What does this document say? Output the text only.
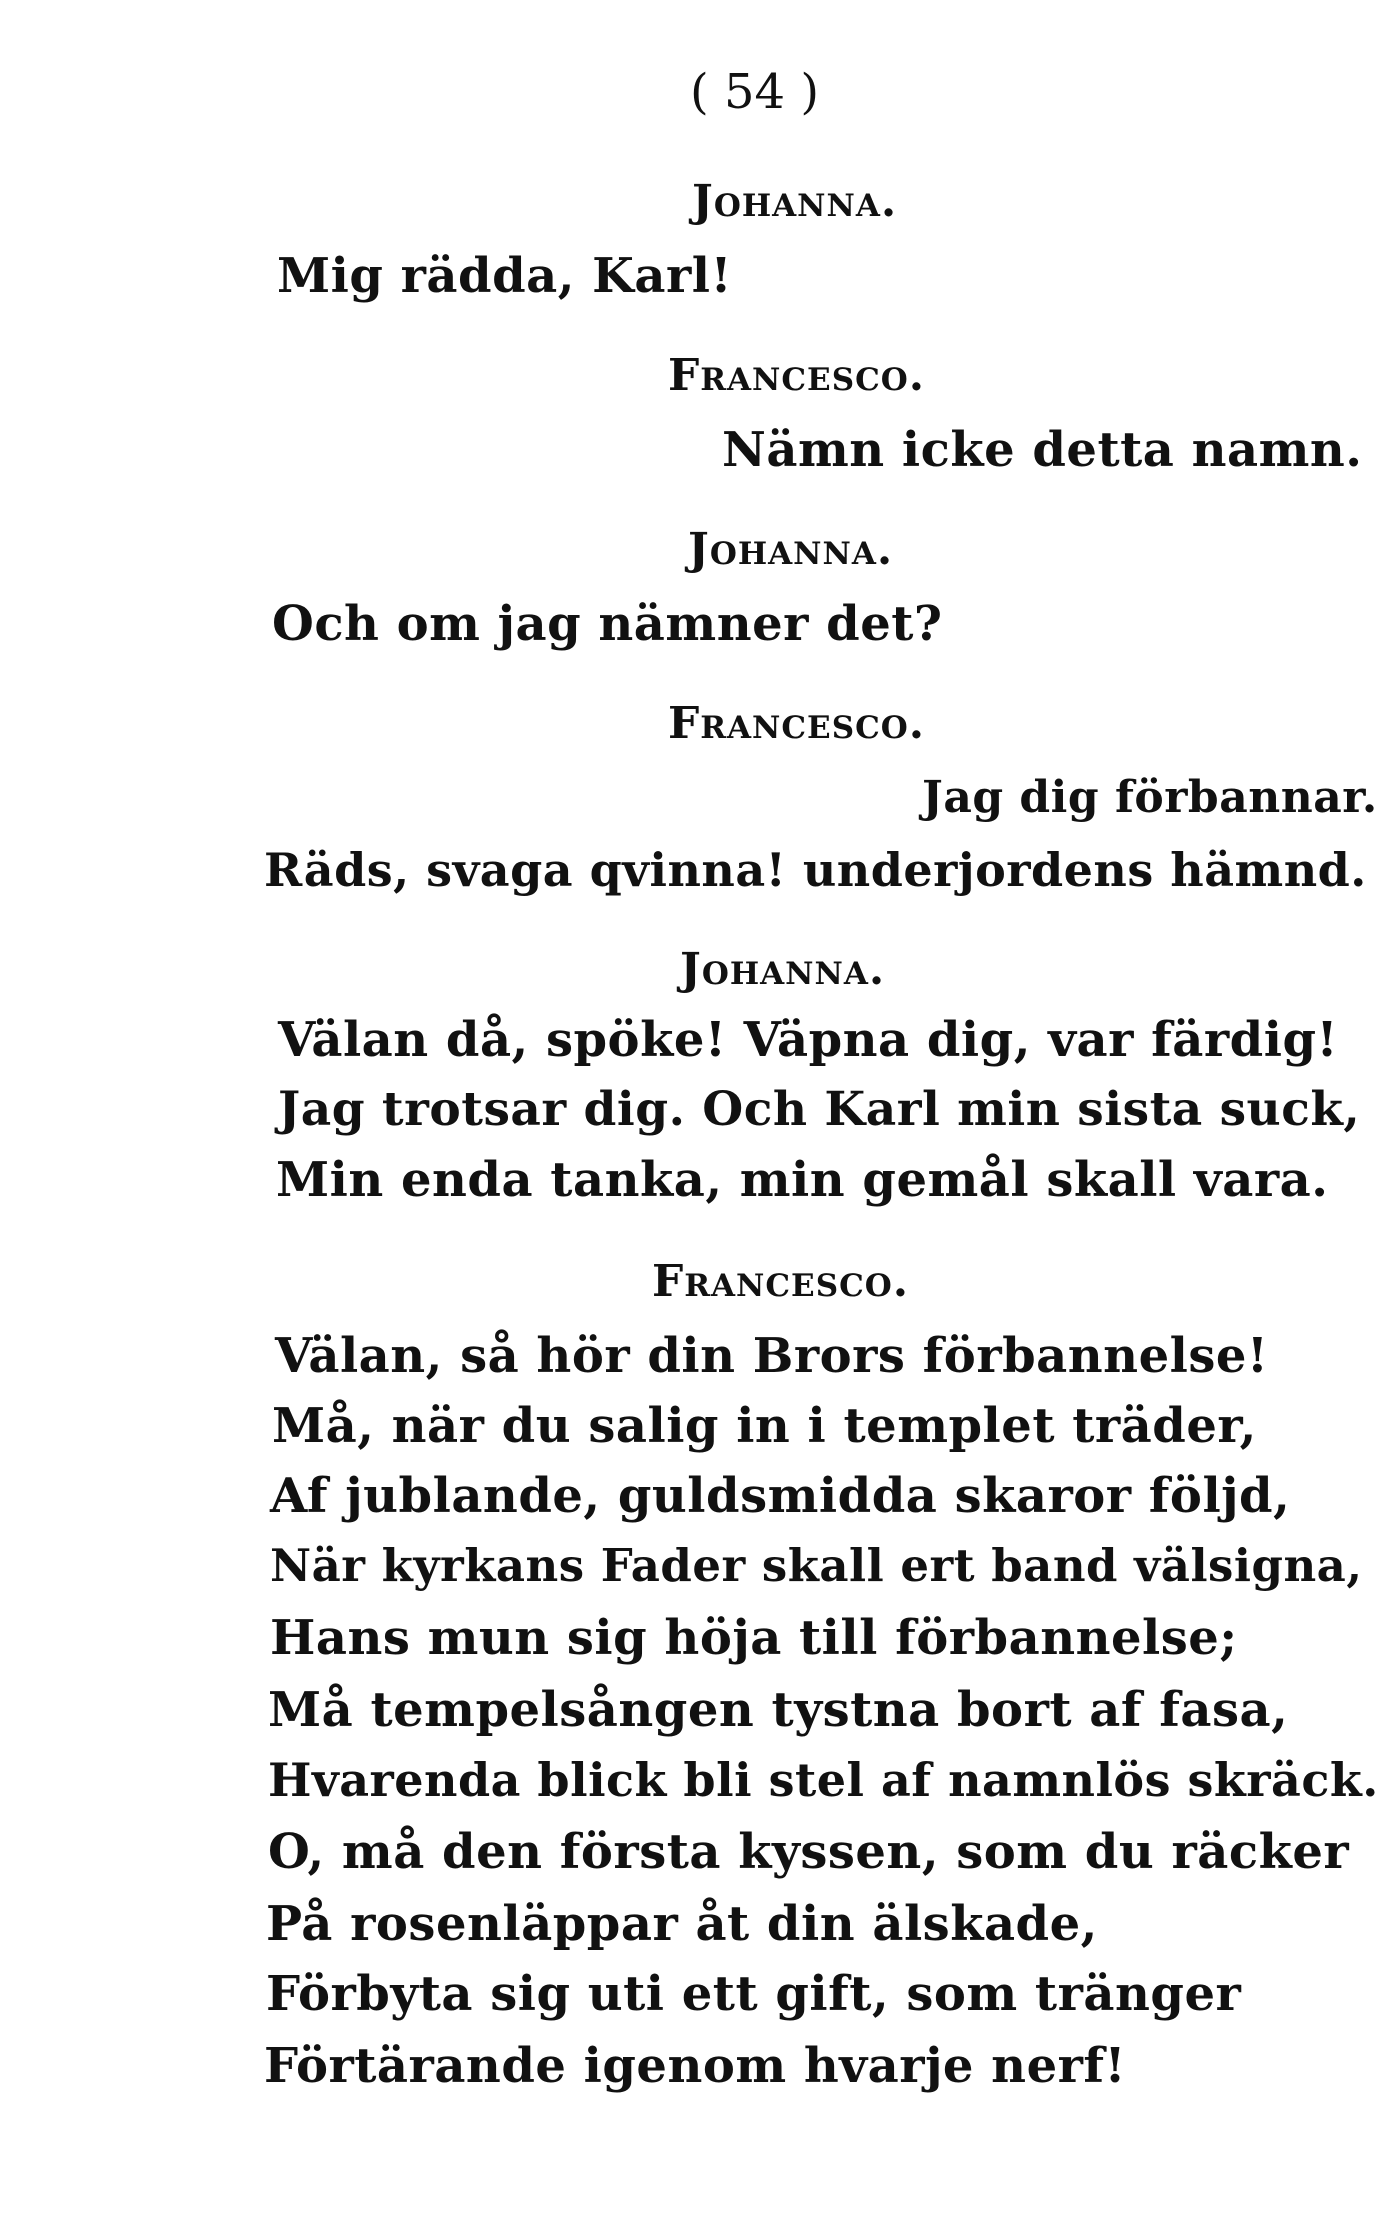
( 54 )
Johanna.
Mig rädda, Karl!
Francesco.
Nämn icke detta namn.
Johanna.
Och om jag nämner det?
Francesco.
Jag dig förbannar.
Räds, svaga qvinna! underjordens hämnd.
Johanna.
Välan då, spöke! Väpna dig, var färdig!
Jag trotsar dig. Och Karl min sista suck,
Min enda tanka, min gemål skall vara.
Francesco.
Välan, så hör din Brors förbannelse!
Må, när du salig in i templet träder,
Af jublande, guldsmidda skaror följd,
När kyrkans Fader skall ert band välsigna,
Hans mun sig höja till förbannelse;
Må tempelsången tystna bort af fasa,
Hvarenda blick bli stel af namnlös skräck.
O, må den första kyssen, som du räcker
På rosenläppar åt din älskade,
Förbyta sig uti ett gift, som tränger
Förtärande igenom hvarje nerf!
